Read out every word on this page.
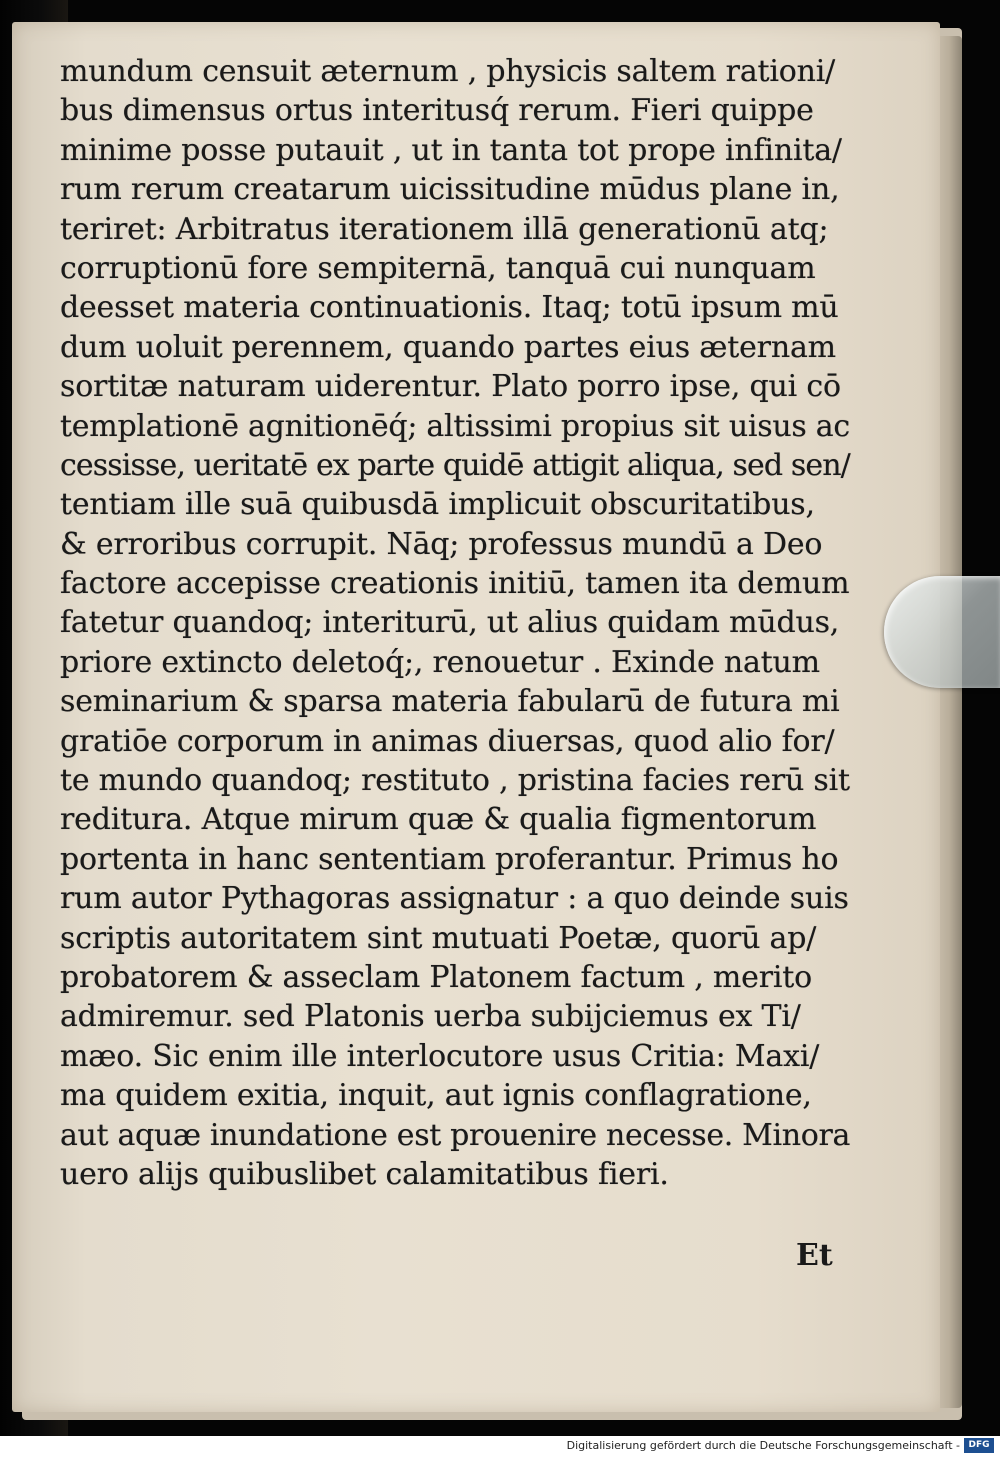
mundum censuit æternum , physicis saltem rationi/
bus dimensus ortus interitusq́ rerum. Fieri quippe
minime posse putauit , ut in tanta tot prope infinita/
rum rerum creatarum uicissitudine mūdus plane in,
teriret: Arbitratus iterationem illā generationū atq;
corruptionū fore sempiternā, tanquā cui nunquam
deesset materia continuationis. Itaq; totū ipsum mū
dum uoluit perennem, quando partes eius æternam
sortitæ naturam uiderentur. Plato porro ipse, qui cō
templationē agnitionēq́; altissimi propius sit uisus ac
cessisse, ueritatē ex parte quidē attigit aliqua, sed sen/
tentiam ille suā quibusdā implicuit obscuritatibus,
& erroribus corrupit. Nāq; professus mundū a Deo
factore accepisse creationis initiū, tamen ita demum
fatetur quandoq; interiturū, ut alius quidam mūdus,
priore extincto deletoq́;, renouetur . Exinde natum
seminarium & sparsa materia fabularū de futura mi
gratiōe corporum in animas diuersas, quod alio for/
te mundo quandoq; restituto , pristina facies rerū sit
reditura. Atque mirum quæ & qualia figmentorum
portenta in hanc sententiam proferantur. Primus ho
rum autor Pythagoras assignatur : a quo deinde suis
scriptis autoritatem sint mutuati Poetæ, quorū ap/
probatorem & asseclam Platonem factum , merito
admiremur. sed Platonis uerba subijciemus ex Ti/
mæo. Sic enim ille interlocutore usus Critia: Maxi/
ma quidem exitia, inquit, aut ignis conflagratione,
aut aquæ inundatione est prouenire necesse. Minora
uero alijs quibuslibet calamitatibus fieri.
Et
Digitalisierung gefördert durch die Deutsche Forschungsgemeinschaft - DFG
